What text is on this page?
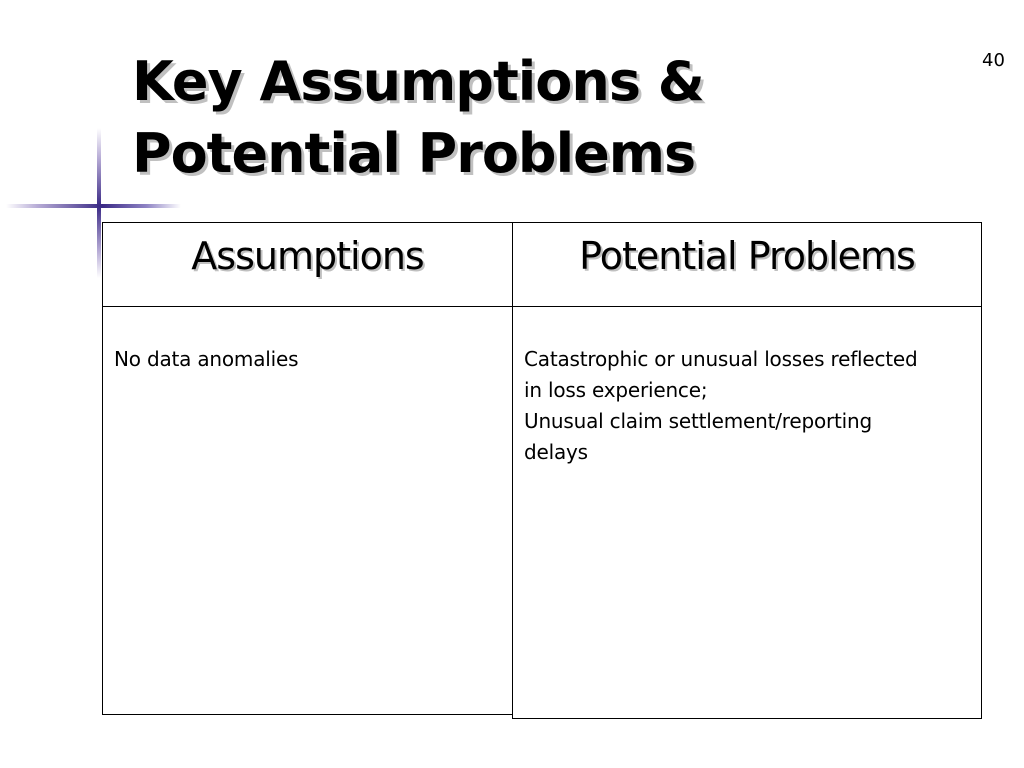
40
Key Assumptions &
Potential Problems
Assumptions	Potential Problems
No data anomalies	Catastrophic or unusual losses reflected
in loss experience;
Unusual claim settlement/reporting
delays
